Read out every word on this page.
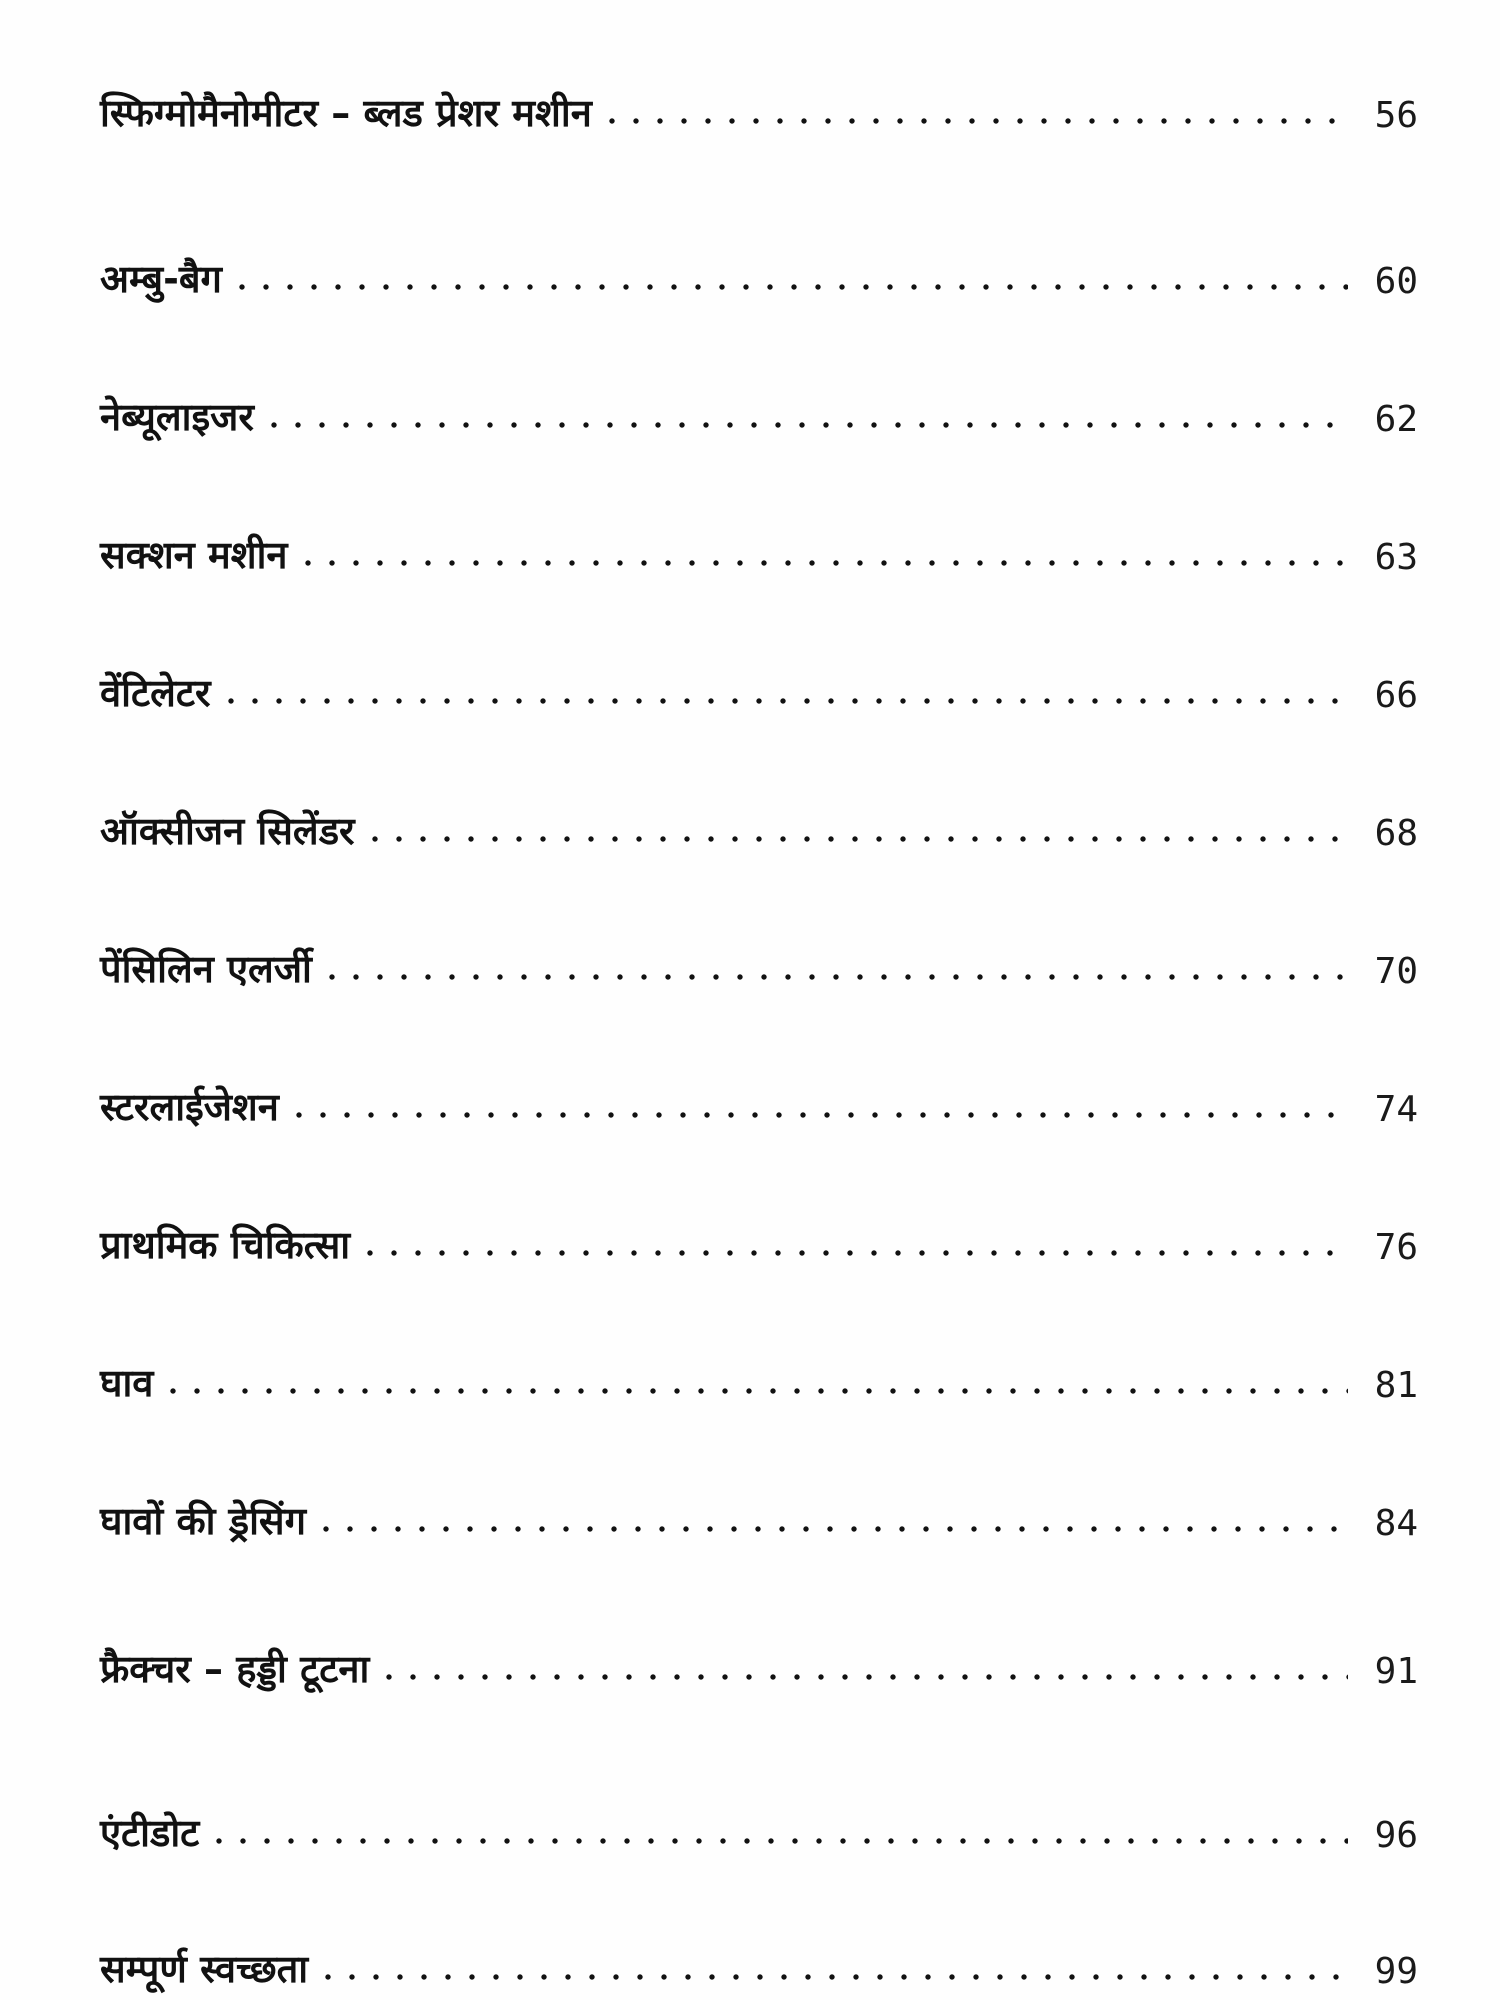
स्फिग्मोमैनोमीटर – ब्लड प्रेशर मशीन	56
अम्बु-बैग	60
नेब्यूलाइजर	62
सक्शन मशीन	63
वेंटिलेटर	66
ऑक्सीजन सिलेंडर	68
पेंसिलिन एलर्जी	70
स्टरलाईजेशन	74
प्राथमिक चिकित्सा	76
घाव	81
घावों की ड्रेसिंग	84
फ्रैक्चर – हड्डी टूटना	91
एंटीडोट	96
सम्पूर्ण स्वच्छता	99
